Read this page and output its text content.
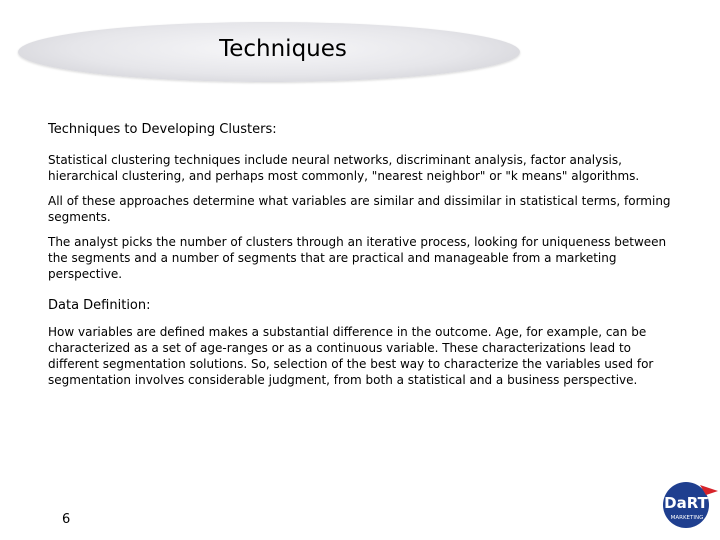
Techniques

Techniques to Developing Clusters:

Statistical clustering techniques include neural networks, discriminant analysis, factor analysis, hierarchical clustering, and perhaps most commonly, "nearest neighbor" or "k means" algorithms.

All of these approaches determine what variables are similar and dissimilar in statistical terms, forming segments.

The analyst picks the number of clusters through an iterative process, looking for uniqueness between the segments and a number of segments that are practical and manageable from a marketing perspective.

Data Definition:

How variables are defined makes a substantial difference in the outcome. Age, for example, can be characterized as a set of age-ranges or as a continuous variable. These characterizations lead to different segmentation solutions. So, selection of the best way to characterize the variables used for segmentation involves considerable judgment, from both a statistical and a business perspective.

6
DaRT
MARKETING
